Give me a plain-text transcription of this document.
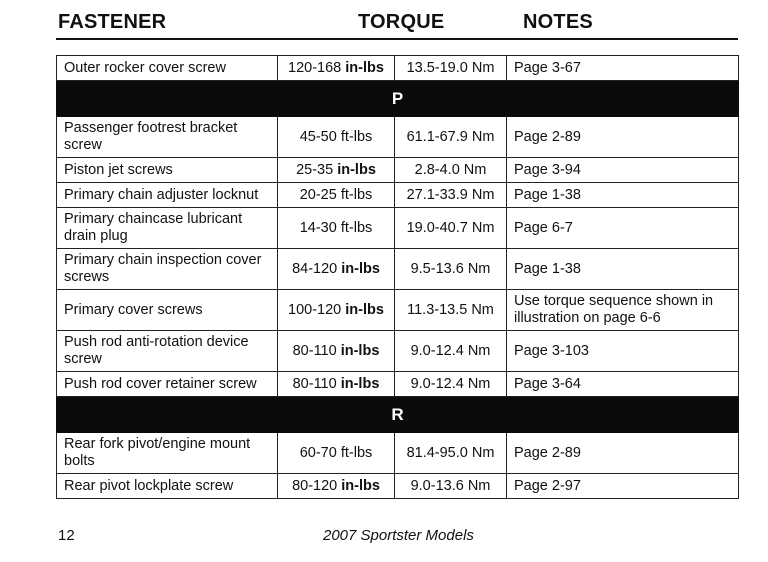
FASTENER	TORQUE	NOTES
Outer rocker cover screw	120-168 in-lbs	13.5-19.0 Nm	Page 3-67
P			
Passenger footrest bracket screw	45-50 ft-lbs	61.1-67.9 Nm	Page 2-89
Piston jet screws	25-35 in-lbs	2.8-4.0 Nm	Page 3-94
Primary chain adjuster locknut	20-25 ft-lbs	27.1-33.9 Nm	Page 1-38
Primary chaincase lubricant drain plug	14-30 ft-lbs	19.0-40.7 Nm	Page 6-7
Primary chain inspection cover screws	84-120 in-lbs	9.5-13.6 Nm	Page 1-38
Primary cover screws	100-120 in-lbs	11.3-13.5 Nm	Use torque sequence shown in illustration on page 6-6
Push rod anti-rotation device screw	80-110 in-lbs	9.0-12.4 Nm	Page 3-103
Push rod cover retainer screw	80-110 in-lbs	9.0-12.4 Nm	Page 3-64
R			
Rear fork pivot/engine mount bolts	60-70 ft-lbs	81.4-95.0 Nm	Page 2-89
Rear pivot lockplate screw	80-120 in-lbs	9.0-13.6 Nm	Page 2-97
12	2007 Sportster Models
